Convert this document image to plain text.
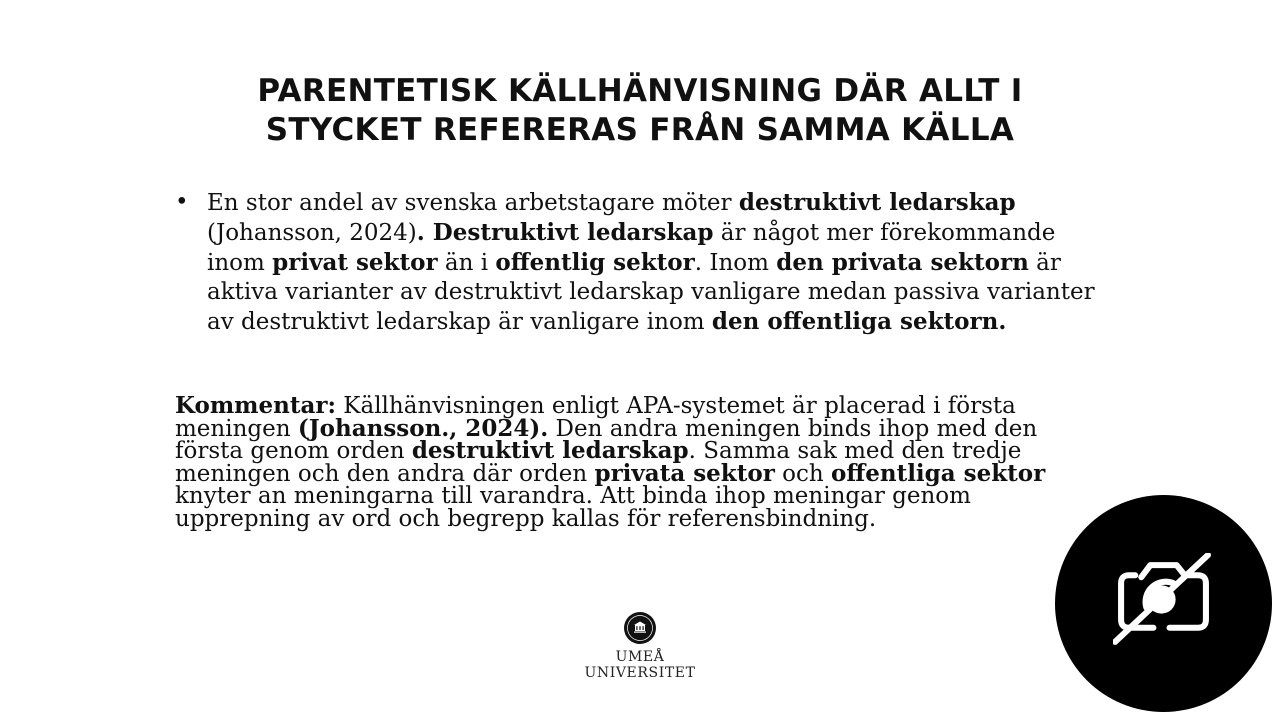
PARENTETISK KÄLLHÄNVISNING DÄR ALLT I
STYCKET REFERERAS FRÅN SAMMA KÄLLA
• En stor andel av svenska arbetstagare möter destruktivt ledarskap
(Johansson, 2024). Destruktivt ledarskap är något mer förekommande
inom privat sektor än i offentlig sektor. Inom den privata sektorn är
aktiva varianter av destruktivt ledarskap vanligare medan passiva varianter
av destruktivt ledarskap är vanligare inom den offentliga sektorn.
Kommentar: Källhänvisningen enligt APA-systemet är placerad i första
meningen (Johansson., 2024). Den andra meningen binds ihop med den
första genom orden destruktivt ledarskap. Samma sak med den tredje
meningen och den andra där orden privata sektor och offentliga sektor
knyter an meningarna till varandra. Att binda ihop meningar genom
upprepning av ord och begrepp kallas för referensbindning.
UMEÅ UNIVERSITET
